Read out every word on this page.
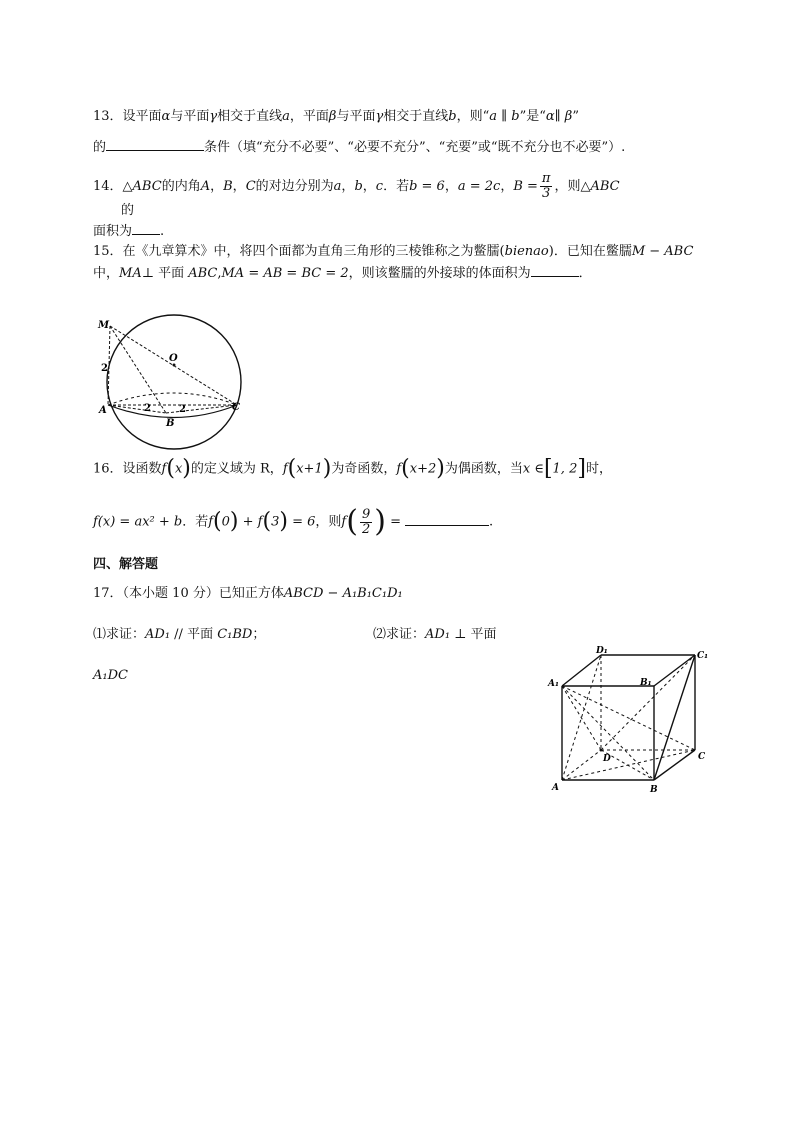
13．设平面α与平面γ相交于直线a，平面β与平面γ相交于直线b，则“a ∥ b”是“α∥ β”
的	条件（填“充分不必要”、“必要不充分”、“充要”或“既不充分也不必要”）.
14．△ABC的内角A，B，C的对边分别为a，b，c．若b = 6，a = 2c，$B = \frac{\pi}{3}$ ，则△ABC
的
面积为 .
15．在《九章算术》中，将四个面都为直角三角形的三棱锥称之为鳖臑(bienao)．已知在鳖臑M − ABC
中，MA⊥ 平面 ABC,MA = AB = BC = 2，则该鳖臑的外接球的体面积为	．
M
O
A
B
C
2
2	2
16．设函数f(x)的定义域为 R，f(x+1)为奇函数，f(x+2)为偶函数，当x ∈[1, 2]时，
f(x) = ax² + b．若f(0) + f(3) = 6，则$f( \frac{9}{2}$ ) =	.
四、解答题
17．（本小题 10 分）已知正方体ABCD − A₁B₁C₁D₁
⑴求证：AD₁ // 平面 C₁BD；	⑵求证：AD₁ ⊥ 平面
A₁DC
A	B
C
D
A₁	B₁
C₁
D₁
